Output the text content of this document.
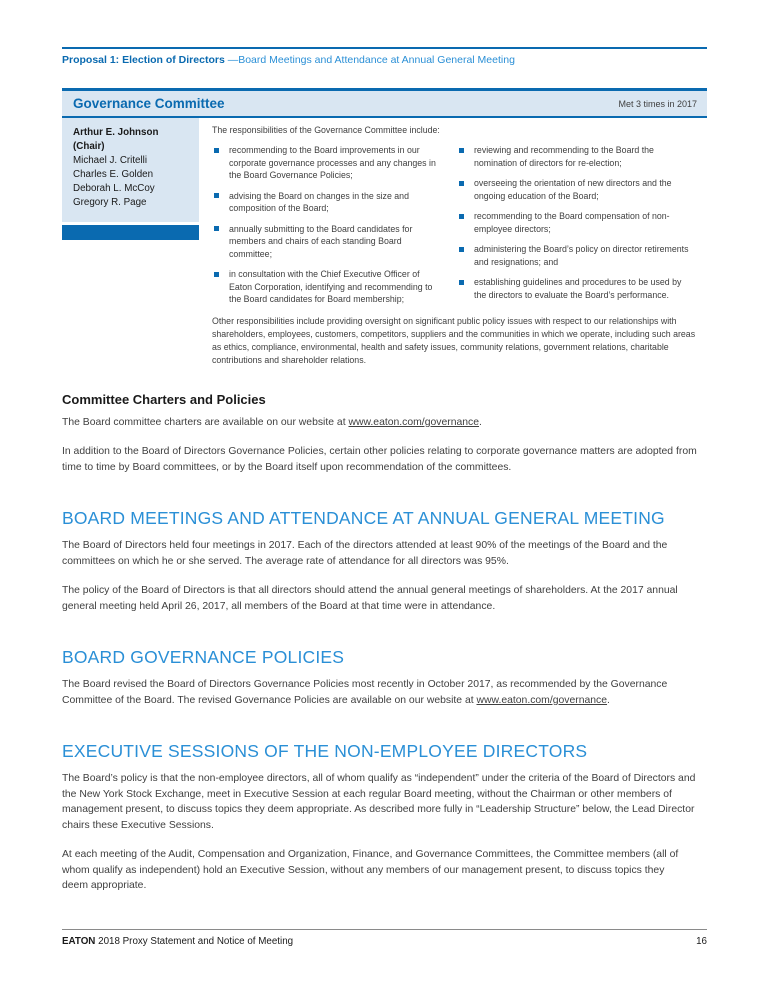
Proposal 1: Election of Directors —Board Meetings and Attendance at Annual General Meeting
Governance Committee	Met 3 times in 2017
Arthur E. Johnson
(Chair)
Michael J. Critelli
Charles E. Golden
Deborah L. McCoy
Gregory R. Page
The responsibilities of the Governance Committee include:
recommending to the Board improvements in our corporate governance processes and any changes in the Board Governance Policies;
advising the Board on changes in the size and composition of the Board;
annually submitting to the Board candidates for members and chairs of each standing Board committee;
in consultation with the Chief Executive Officer of Eaton Corporation, identifying and recommending to the Board candidates for Board membership;
reviewing and recommending to the Board the nomination of directors for re-election;
overseeing the orientation of new directors and the ongoing education of the Board;
recommending to the Board compensation of non-employee directors;
administering the Board’s policy on director retirements and resignations; and
establishing guidelines and procedures to be used by the directors to evaluate the Board’s performance.
Other responsibilities include providing oversight on significant public policy issues with respect to our relationships with shareholders, employees, customers, competitors, suppliers and the communities in which we operate, including such areas as ethics, compliance, environmental, health and safety issues, community relations, government relations, charitable contributions and shareholder relations.
Committee Charters and Policies

The Board committee charters are available on our website at www.eaton.com/governance.

In addition to the Board of Directors Governance Policies, certain other policies relating to corporate governance matters are adopted from time to time by Board committees, or by the Board itself upon recommendation of the committees.

BOARD MEETINGS AND ATTENDANCE AT ANNUAL GENERAL MEETING

The Board of Directors held four meetings in 2017. Each of the directors attended at least 90% of the meetings of the Board and the committees on which he or she served. The average rate of attendance for all directors was 95%.

The policy of the Board of Directors is that all directors should attend the annual general meetings of shareholders. At the 2017 annual general meeting held April 26, 2017, all members of the Board at that time were in attendance.

BOARD GOVERNANCE POLICIES

The Board revised the Board of Directors Governance Policies most recently in October 2017, as recommended by the Governance Committee of the Board. The revised Governance Policies are available on our website at www.eaton.com/governance.

EXECUTIVE SESSIONS OF THE NON-EMPLOYEE DIRECTORS

The Board’s policy is that the non-employee directors, all of whom qualify as “independent” under the criteria of the Board of Directors and the New York Stock Exchange, meet in Executive Session at each regular Board meeting, without the Chairman or other members of management present, to discuss topics they deem appropriate. As described more fully in “Leadership Structure” below, the Lead Director chairs these Executive Sessions.

At each meeting of the Audit, Compensation and Organization, Finance, and Governance Committees, the Committee members (all of whom qualify as independent) hold an Executive Session, without any members of our management present, to discuss topics they deem appropriate.

EATON 2018 Proxy Statement and Notice of Meeting	16
